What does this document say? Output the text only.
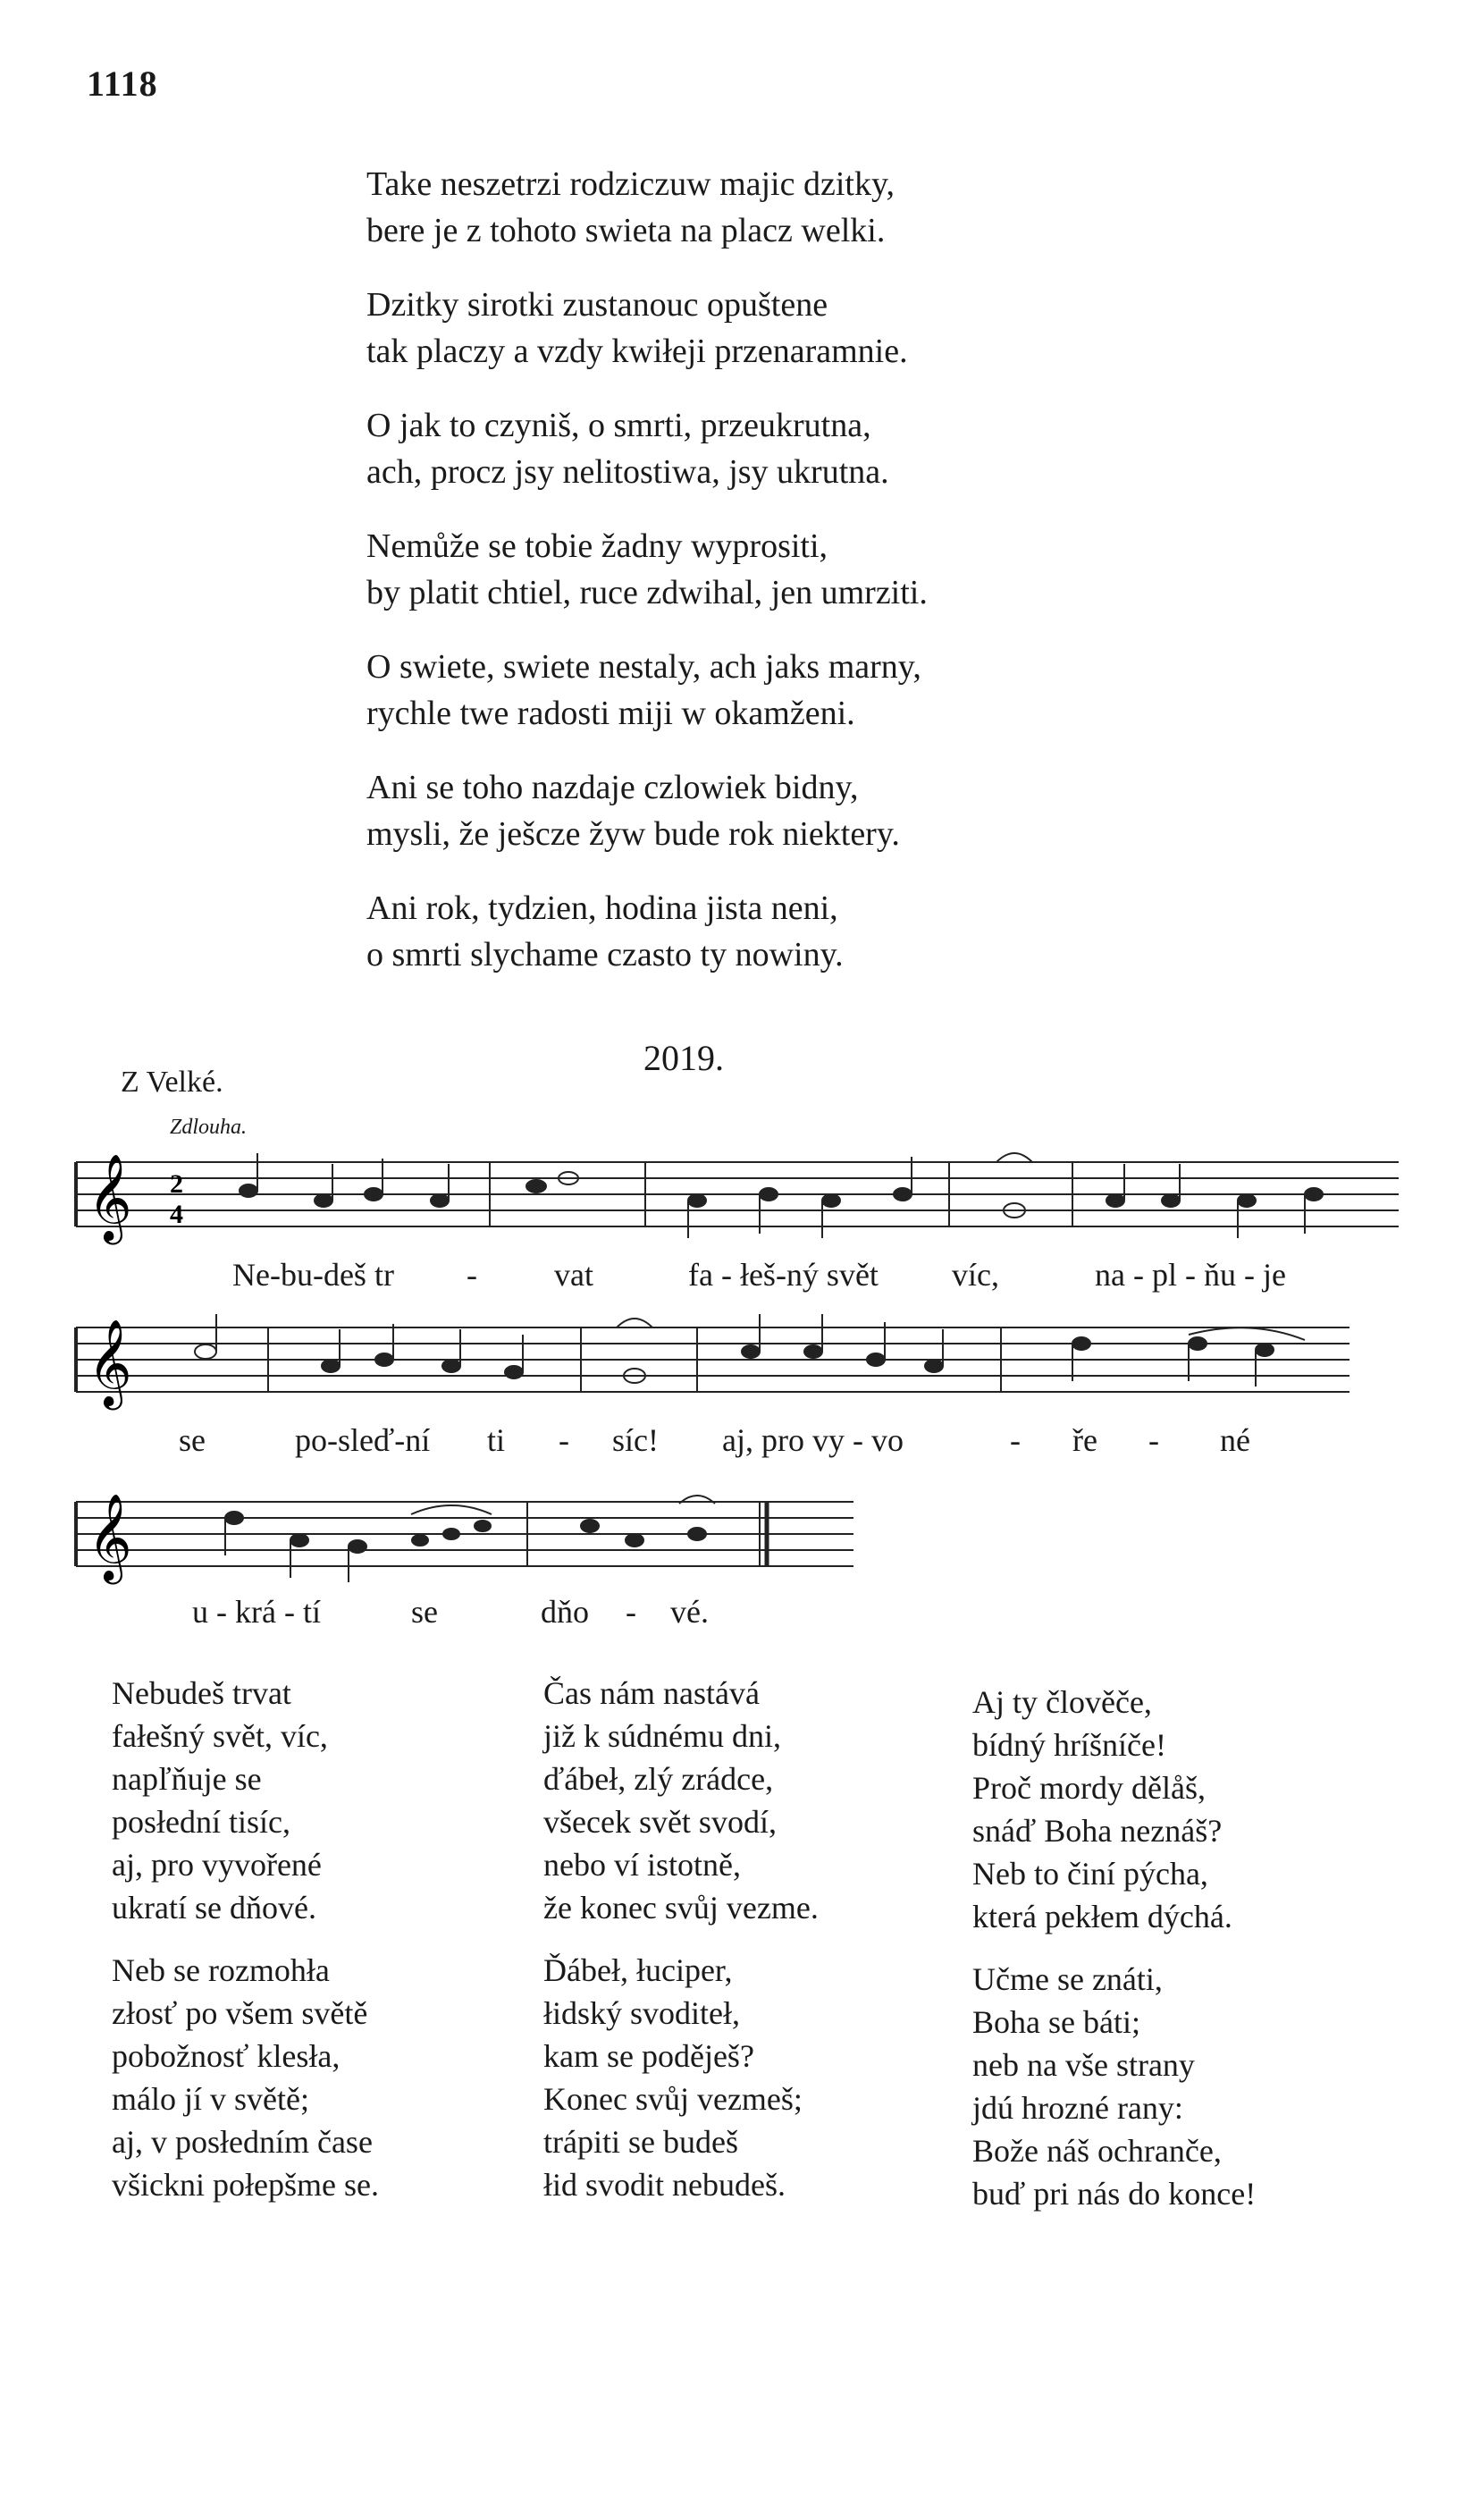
1118
Take neszetrzi rodziczuw majic dzitky,
bere je z tohoto swieta na placz welki.
Dzitky sirotki zustanouc opuštene
tak placzy a vzdy kwiłeji przenaramnie.
O jak to czyniš, o smrti, przeukrutna,
ach, procz jsy nelitostiwa, jsy ukrutna.
Nemůže se tobie žadny wyprositi,
by platit chtiel, ruce zdwihal, jen umrziti.
O swiete, swiete nestaly, ach jaks marny,
rychle twe radosti miji w okamženi.
Ani se toho nazdaje czlowiek bidny,
mysli, že ješcze žyw bude rok niektery.
Ani rok, tydzien, hodina jista neni,
o smrti slychame czasto ty nowiny.
2019.
Z Velké.
Zdlouha.
𝄞 2
4
Ne-bu-deš tr - vat	fa - łeš-ný svět víc,	na - pl - ňu - je
𝄞
se	po-sleď-ní ti - síc! aj, pro vy - vo	- ře - né
𝄞
u - krá - tí	se	dňo - vé.
Nebudeš trvat
fałešný svět, víc,
napľňuje se
posłední tisíc,
aj, pro vyvořené
ukratí se dňové.
Neb se rozmohła
złosť po všem světě
pobožnosť klesła,
málo jí v světě;
aj, v posłedním čase
všickni połepšme se.
Čas nám nastává
již k súdnému dni,
ďábeł, zlý zrádce,
všecek svět svodí,
nebo ví istotně,
že konec svůj vezme.
Ďábeł, łuciper,
łidský svoditeł,
kam se poděješ?
Konec svůj vezmeš;
trápiti se budeš
łid svodit nebudeš.
Aj ty člověče,
bídný hríšníče!
Proč mordy dělåš,
snáď Boha neznáš?
Neb to činí pýcha,
která pekłem dýchá.
Učme se znáti,
Boha se báti;
neb na vše strany
jdú hrozné rany:
Bože náš ochranče,
buď pri nás do konce!
